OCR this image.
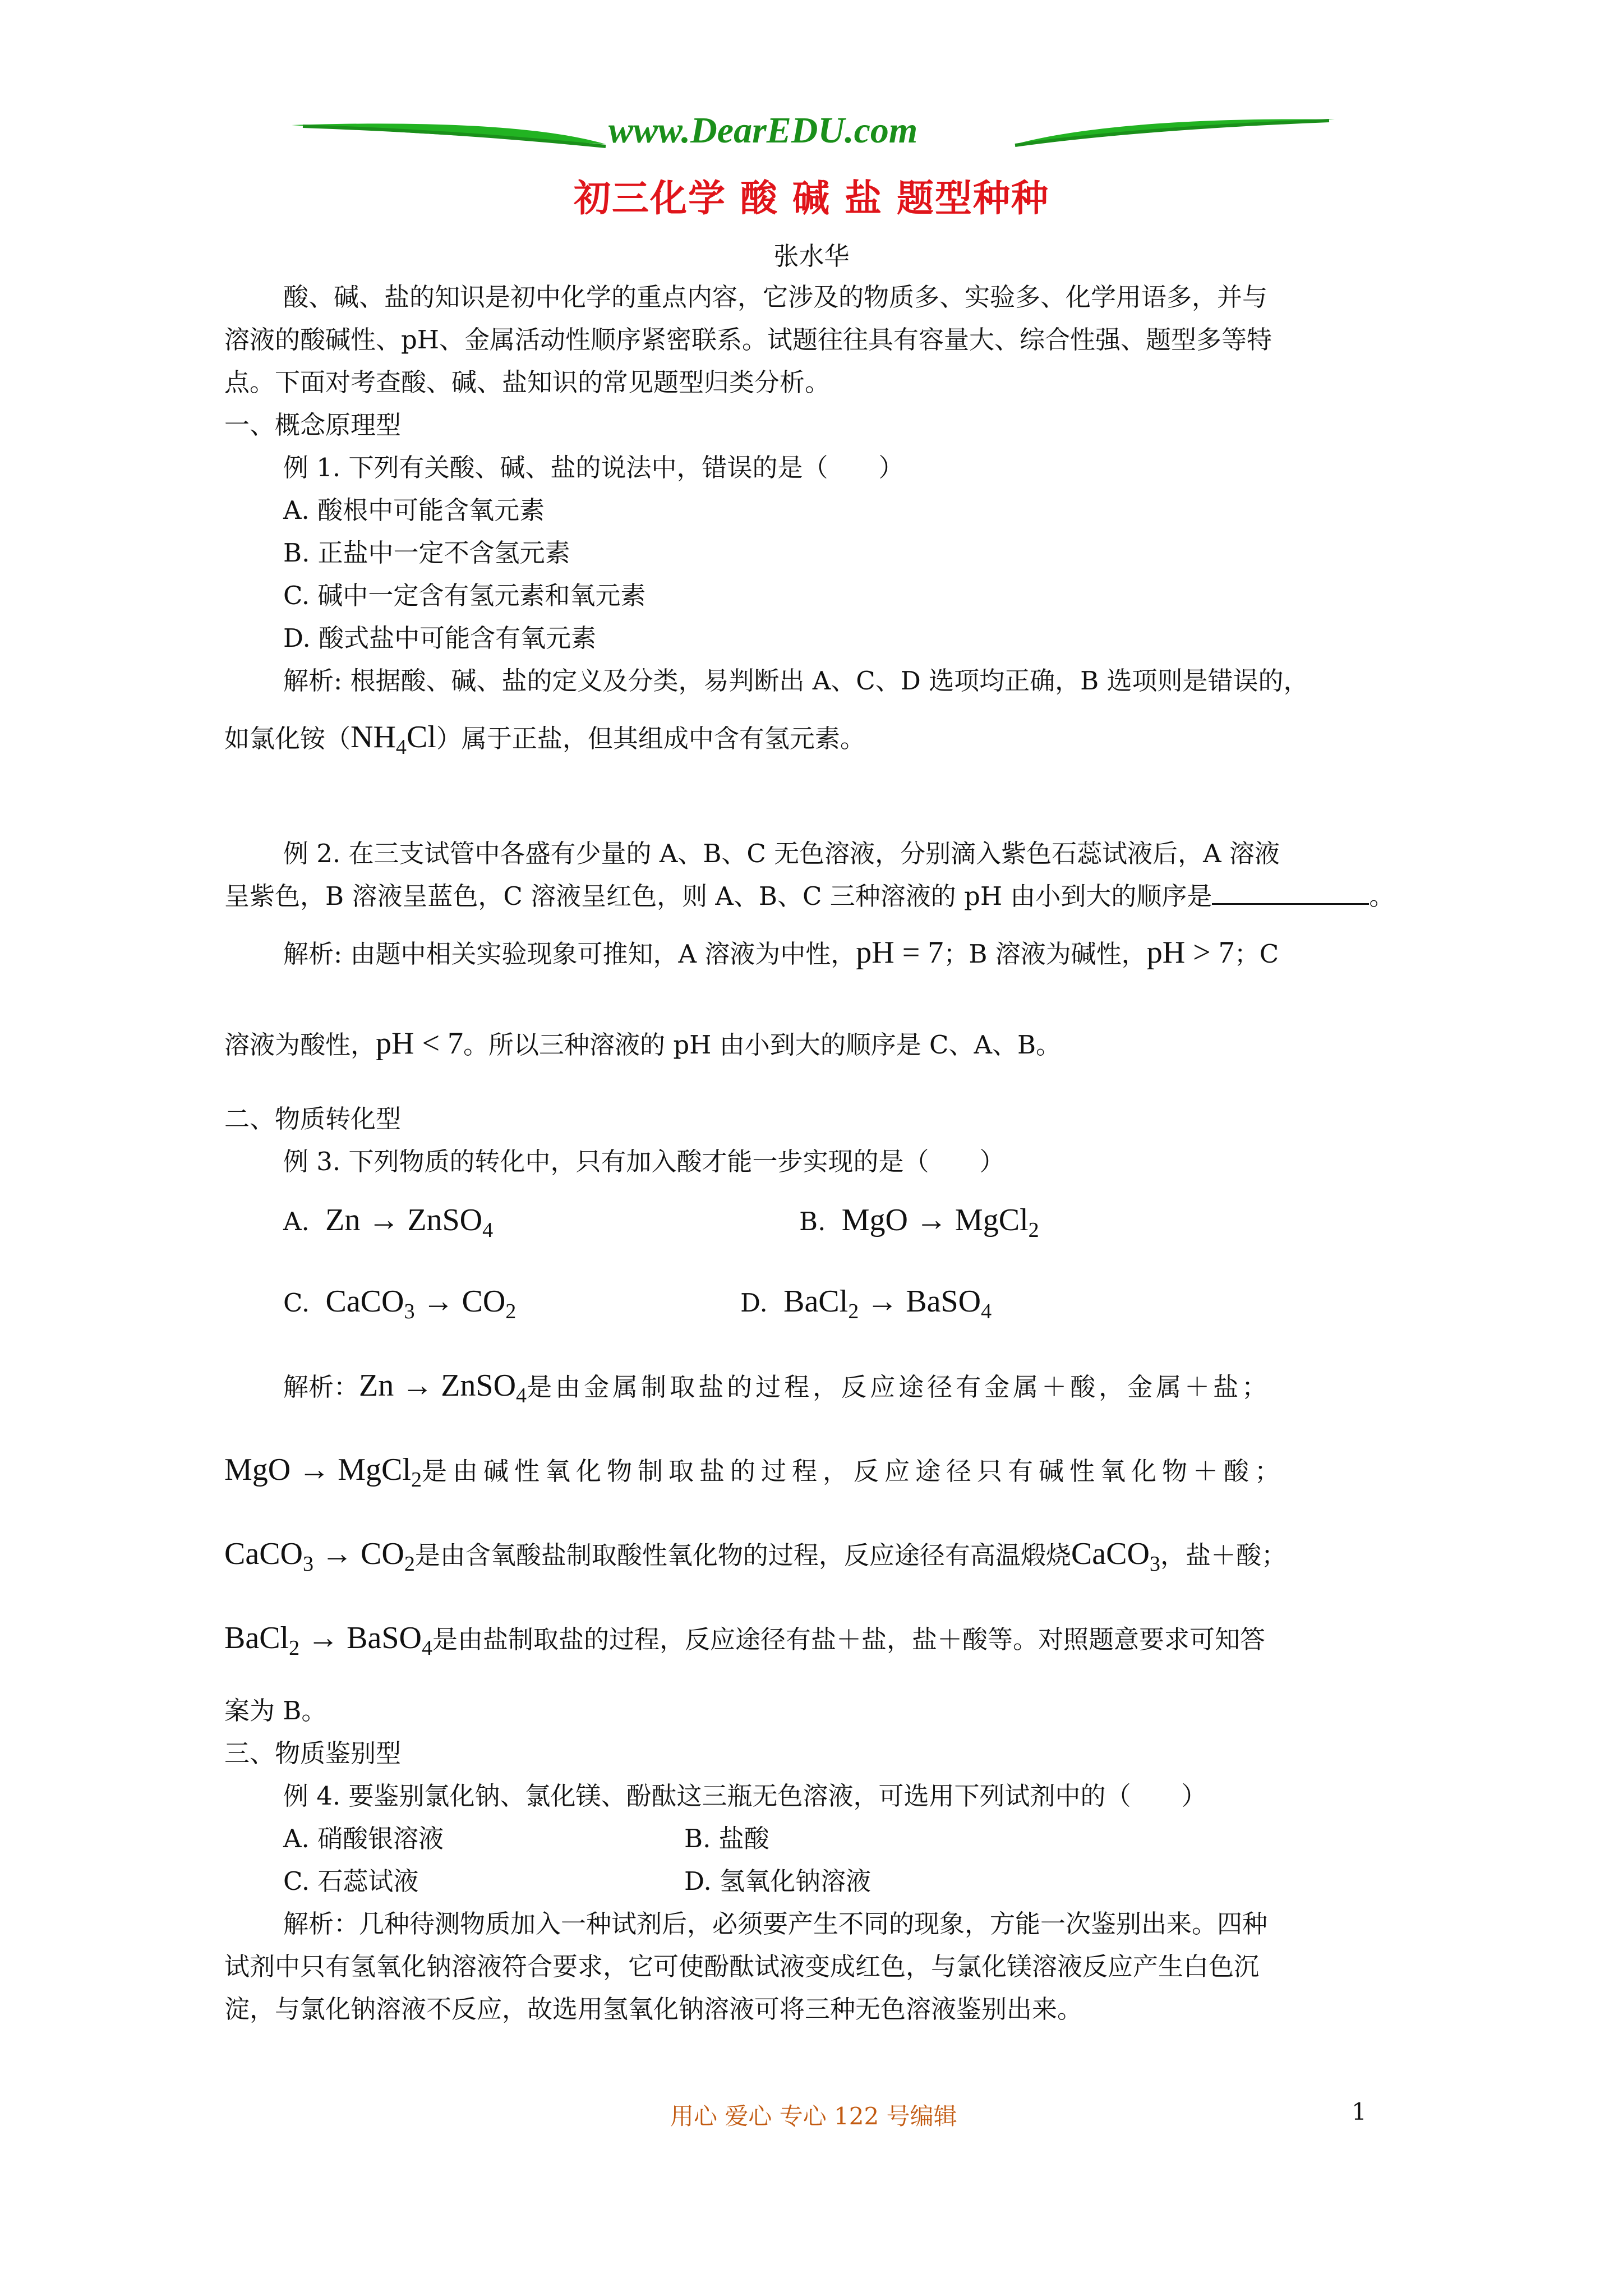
www.DearEDU.com
初三化学 酸 碱 盐 题型种种
张水华
酸、碱、盐的知识是初中化学的重点内容，它涉及的物质多、实验多、化学用语多，并与
溶液的酸碱性、pH、金属活动性顺序紧密联系。试题往往具有容量大、综合性强、题型多等特
点。下面对考查酸、碱、盐知识的常见题型归类分析。
一、概念原理型
例 1. 下列有关酸、碱、盐的说法中，错误的是（　　）
A. 酸根中可能含氧元素
B. 正盐中一定不含氢元素
C. 碱中一定含有氢元素和氧元素
D. 酸式盐中可能含有氧元素
解析: 根据酸、碱、盐的定义及分类，易判断出 A、C、D 选项均正确，B 选项则是错误的，
如氯化铵$(NH_4Cl)$属于正盐，但其组成中含有氢元素。
例 2. 在三支试管中各盛有少量的 A、B、C 无色溶液，分别滴入紫色石蕊试液后，A 溶液
呈紫色，B 溶液呈蓝色，C 溶液呈红色，则 A、B、C 三种溶液的 pH 由小到大的顺序是	。
解析: 由题中相关实验现象可推知，A 溶液为中性，pH = 7；B 溶液为碱性，pH > 7；C
溶液为酸性，pH < 7。所以三种溶液的 pH 由小到大的顺序是 C、A、B。
二、物质转化型
例 3. 下列物质的转化中，只有加入酸才能一步实现的是（　　）
A.  Zn → ZnSO$_4$	B.  MgO → MgCl$_2$
C.  CaCO$_3$ → $CO_2$	D.  BaCl$_2$ → BaSO$_4$
解析：Zn → ZnSO$_4$是由金属制取盐的过程，反应途径有金属＋酸，金属＋盐；
MgO → MgCl$_2$是由碱性氧化物制取盐的过程，反应途径只有碱性氧化物＋酸；
CaCO$_3$ → $CO_2$是由含氧酸盐制取酸性氧化物的过程，反应途径有高温煅烧CaCO$_3$，盐＋酸；
BaCl$_2$ → BaSO$_4$是由盐制取盐的过程，反应途径有盐＋盐，盐＋酸等。对照题意要求可知答
案为 B。
三、物质鉴别型
例 4. 要鉴别氯化钠、氯化镁、酚酞这三瓶无色溶液，可选用下列试剂中的（　　）
A. 硝酸银溶液	B. 盐酸
C. 石蕊试液	D. 氢氧化钠溶液
解析：几种待测物质加入一种试剂后，必须要产生不同的现象，方能一次鉴别出来。四种
试剂中只有氢氧化钠溶液符合要求，它可使酚酞试液变成红色，与氯化镁溶液反应产生白色沉
淀，与氯化钠溶液不反应，故选用氢氧化钠溶液可将三种无色溶液鉴别出来。
用心 爱心 专心 122 号编辑	1
